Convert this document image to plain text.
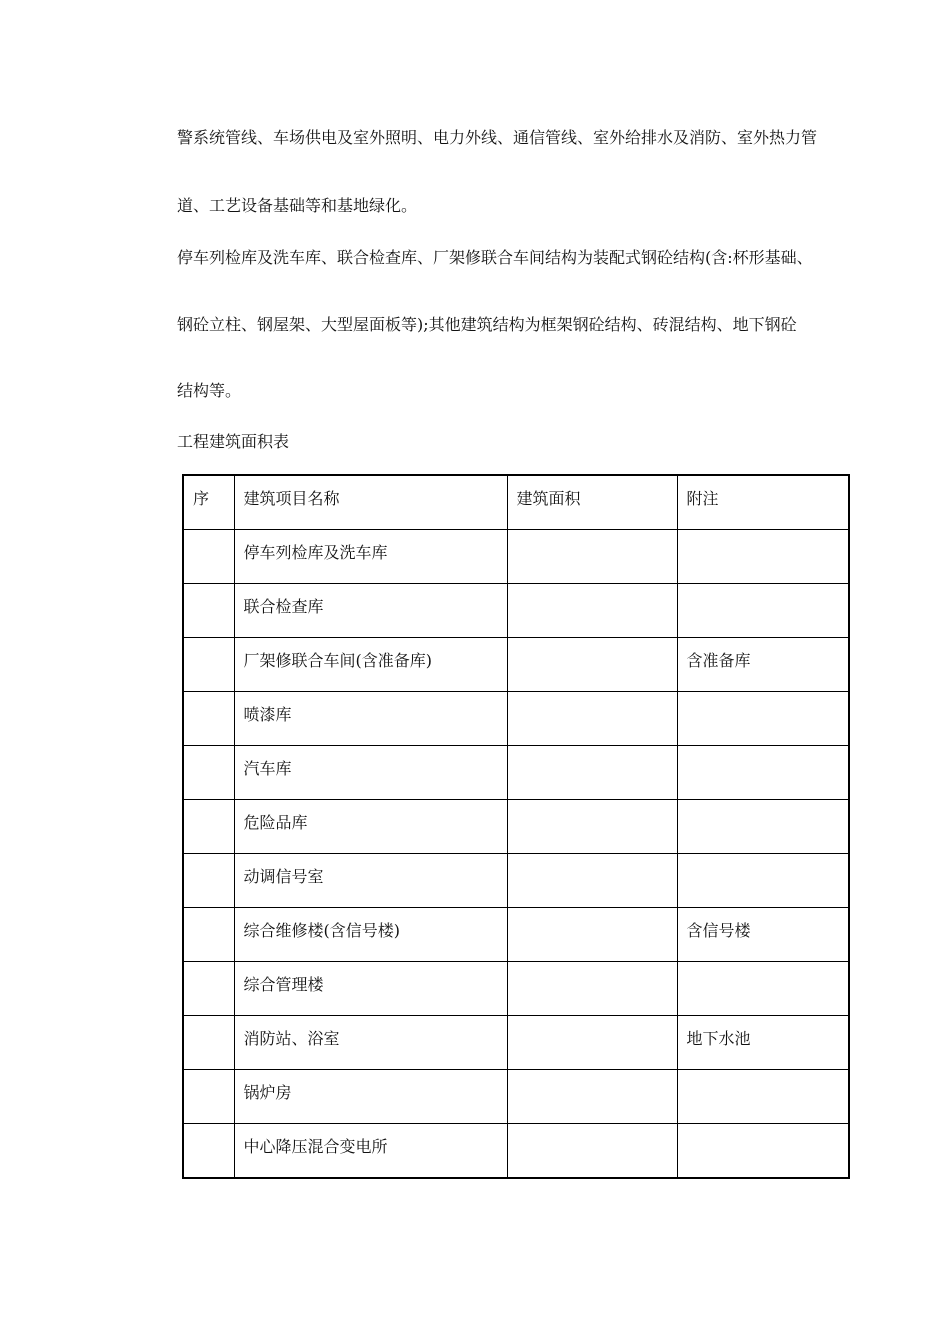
警系统管线、车场供电及室外照明、电力外线、通信管线、室外给排水及消防、室外热力管

道、工艺设备基础等和基地绿化。

停车列检库及洗车库、联合检查库、厂架修联合车间结构为装配式钢砼结构(含:杯形基础、

钢砼立柱、钢屋架、大型屋面板等);其他建筑结构为框架钢砼结构、砖混结构、地下钢砼

结构等。

工程建筑面积表

序	建筑项目名称	建筑面积	附注

	停车列检库及洗车库		

	联合检查库		

	厂架修联合车间(含准备库)		含准备库

	喷漆库		

	汽车库		

	危险品库		

	动调信号室		

	综合维修楼(含信号楼)		含信号楼

	综合管理楼		

	消防站、浴室		地下水池

	锅炉房		

	中心降压混合变电所		
